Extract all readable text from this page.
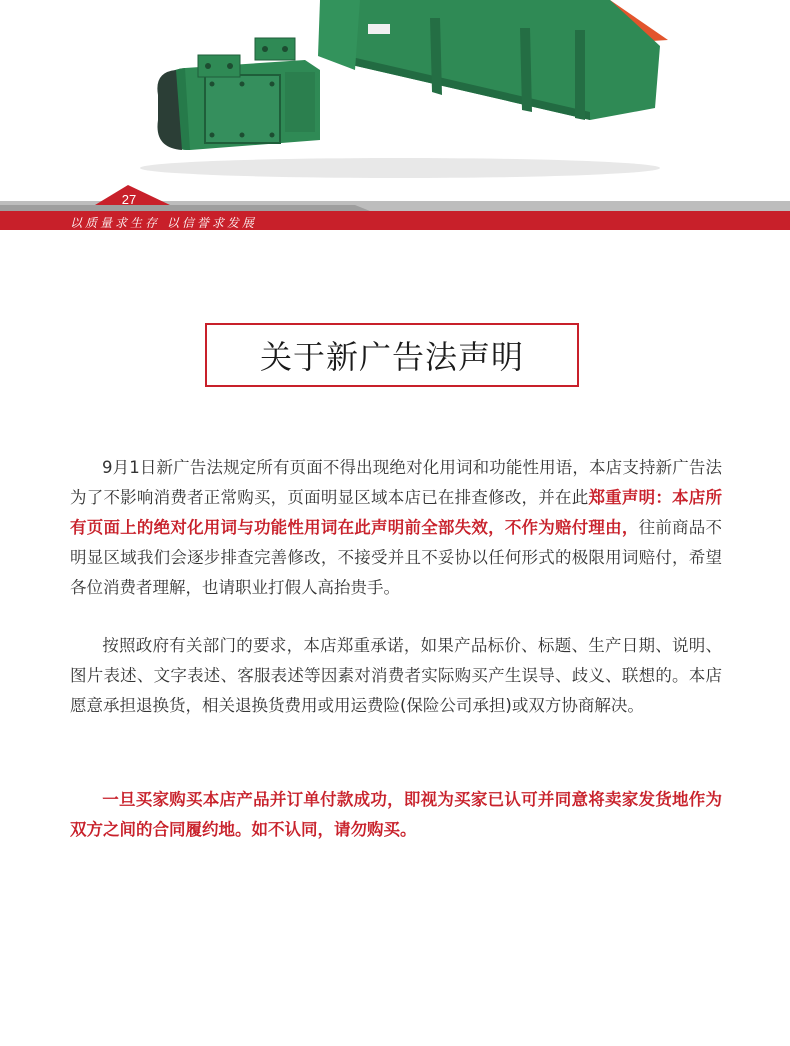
27
以质量求生存 以信誉求发展
关于新广告法声明

9月1日新广告法规定所有页面不得出现绝对化用词和功能性用语，本店支持新广告法为了不影响消费者正常购买，页面明显区域本店已在排查修改，并在此郑重声明：本店所有页面上的绝对化用词与功能性用词在此声明前全部失效，不作为赔付理由，往前商品不明显区域我们会逐步排查完善修改，不接受并且不妥协以任何形式的极限用词赔付，希望各位消费者理解，也请职业打假人高抬贵手。

按照政府有关部门的要求，本店郑重承诺，如果产品标价、标题、生产日期、说明、图片表述、文字表述、客服表述等因素对消费者实际购买产生误导、歧义、联想的。本店愿意承担退换货，相关退换货费用或用运费险(保险公司承担)或双方协商解决。

一旦买家购买本店产品并订单付款成功，即视为买家已认可并同意将卖家发货地作为双方之间的合同履约地。如不认同，请勿购买。
